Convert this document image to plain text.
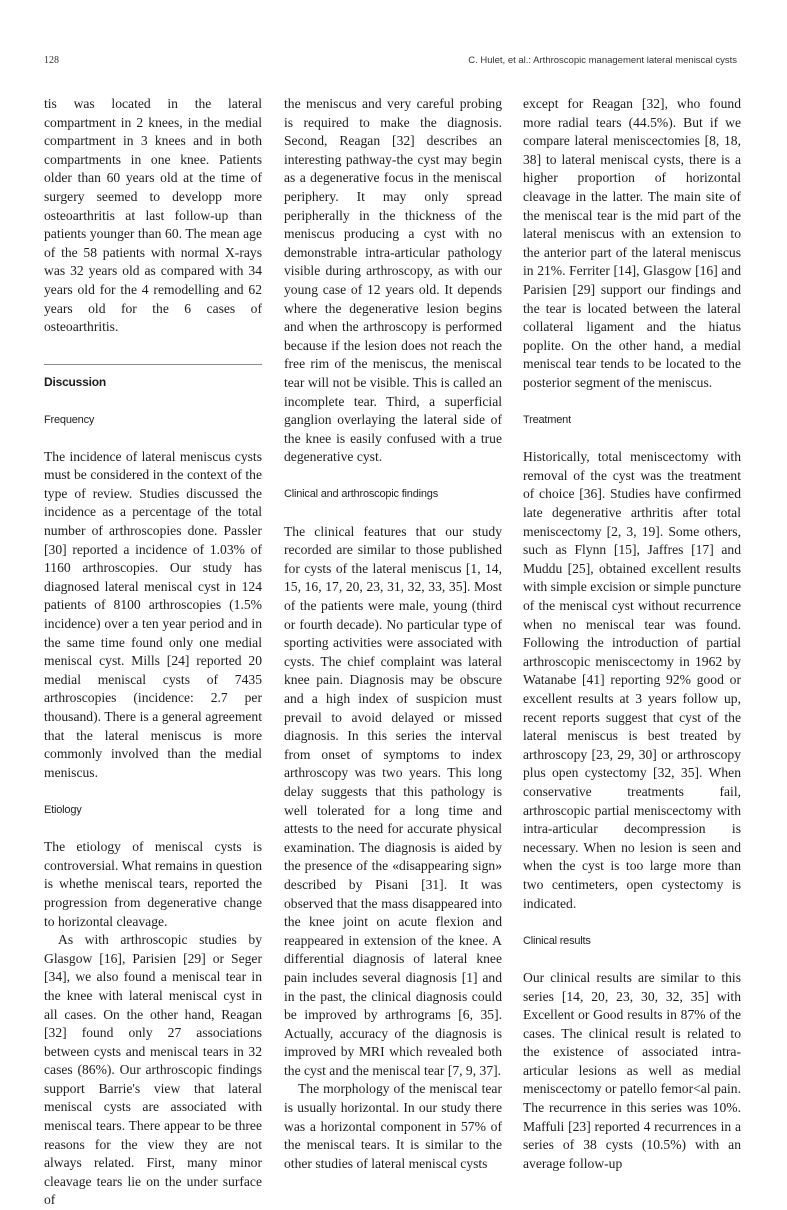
128	C. Hulet, et al.: Arthroscopic management lateral meniscal cysts

tis was located in the lateral compartment in 2 knees, in the medial compartment in 3 knees and in both compartments in one knee. Patients older than 60 years old at the time of surgery seemed to developp more osteoarthritis at last follow-up than patients younger than 60. The mean age of the 58 patients with normal X-rays was 32 years old as compared with 34 years old for the 4 remodelling and 62 years old for the 6 cases of osteoarthritis.

Discussion

Frequency

The incidence of lateral meniscus cysts must be considered in the context of the type of review. Studies discussed the incidence as a percentage of the total number of arthroscopies done. Passler [30] reported a incidence of 1.03% of 1160 arthroscopies. Our study has diagnosed lateral meniscal cyst in 124 patients of 8100 arthroscopies (1.5% incidence) over a ten year period and in the same time found only one medial meniscal cyst. Mills [24] reported 20 medial meniscal cysts of 7435 arthroscopies (incidence: 2.7 per thousand). There is a general agreement that the lateral meniscus is more commonly involved than the medial meniscus.

Etiology

The etiology of meniscal cysts is controversial. What remains in question is whethe meniscal tears, reported the progression from degenerative change to horizontal cleavage.

As with arthroscopic studies by Glasgow [16], Parisien [29] or Seger [34], we also found a meniscal tear in the knee with lateral meniscal cyst in all cases. On the other hand, Reagan [32] found only 27 associations between cysts and meniscal tears in 32 cases (86%). Our arthroscopic findings support Barrie's view that lateral meniscal cysts are associated with meniscal tears. There appear to be three reasons for the view they are not always related. First, many minor cleavage tears lie on the under surface of

the meniscus and very careful probing is required to make the diagnosis. Second, Reagan [32] describes an interesting pathway-the cyst may begin as a degenerative focus in the meniscal periphery. It may only spread peripherally in the thickness of the meniscus producing a cyst with no demonstrable intra-articular pathology visible during arthroscopy, as with our young case of 12 years old. It depends where the degenerative lesion begins and when the arthroscopy is performed because if the lesion does not reach the free rim of the meniscus, the meniscal tear will not be visible. This is called an incomplete tear. Third, a superficial ganglion overlaying the lateral side of the knee is easily confused with a true degenerative cyst.

Clinical and arthroscopic findings

The clinical features that our study recorded are similar to those published for cysts of the lateral meniscus [1, 14, 15, 16, 17, 20, 23, 31, 32, 33, 35]. Most of the patients were male, young (third or fourth decade). No particular type of sporting activities were associated with cysts. The chief complaint was lateral knee pain. Diagnosis may be obscure and a high index of suspicion must prevail to avoid delayed or missed diagnosis. In this series the interval from onset of symptoms to index arthroscopy was two years. This long delay suggests that this pathology is well tolerated for a long time and attests to the need for accurate physical examination. The diagnosis is aided by the presence of the «disappearing sign» described by Pisani [31]. It was observed that the mass disappeared into the knee joint on acute flexion and reappeared in extension of the knee. A differential diagnosis of lateral knee pain includes several diagnosis [1] and in the past, the clinical diagnosis could be improved by arthrograms [6, 35]. Actually, accuracy of the diagnosis is improved by MRI which revealed both the cyst and the meniscal tear [7, 9, 37].

The morphology of the meniscal tear is usually horizontal. In our study there was a horizontal component in 57% of the meniscal tears. It is similar to the other studies of lateral meniscal cysts

except for Reagan [32], who found more radial tears (44.5%). But if we compare lateral meniscectomies [8, 18, 38] to lateral meniscal cysts, there is a higher proportion of horizontal cleavage in the latter. The main site of the meniscal tear is the mid part of the lateral meniscus with an extension to the anterior part of the lateral meniscus in 21%. Ferriter [14], Glasgow [16] and Parisien [29] support our findings and the tear is located between the lateral collateral ligament and the hiatus poplite. On the other hand, a medial meniscal tear tends to be located to the posterior segment of the meniscus.

Treatment

Historically, total meniscectomy with removal of the cyst was the treatment of choice [36]. Studies have confirmed late degenerative arthritis after total meniscectomy [2, 3, 19]. Some others, such as Flynn [15], Jaffres [17] and Muddu [25], obtained excellent results with simple excision or simple puncture of the meniscal cyst without recurrence when no meniscal tear was found. Following the introduction of partial arthroscopic meniscectomy in 1962 by Watanabe [41] reporting 92% good or excellent results at 3 years follow up, recent reports suggest that cyst of the lateral meniscus is best treated by arthroscopy [23, 29, 30] or arthroscopy plus open cystectomy [32, 35]. When conservative treatments fail, arthroscopic partial meniscectomy with intra-articular decompression is necessary. When no lesion is seen and when the cyst is too large more than two centimeters, open cystectomy is indicated.

Clinical results

Our clinical results are similar to this series [14, 20, 23, 30, 32, 35] with Excellent or Good results in 87% of the cases. The clinical result is related to the existence of associated intra-articular lesions as well as medial meniscectomy or patello femor<al pain. The recurrence in this series was 10%. Maffuli [23] reported 4 recurrences in a series of 38 cysts (10.5%) with an average follow-up
